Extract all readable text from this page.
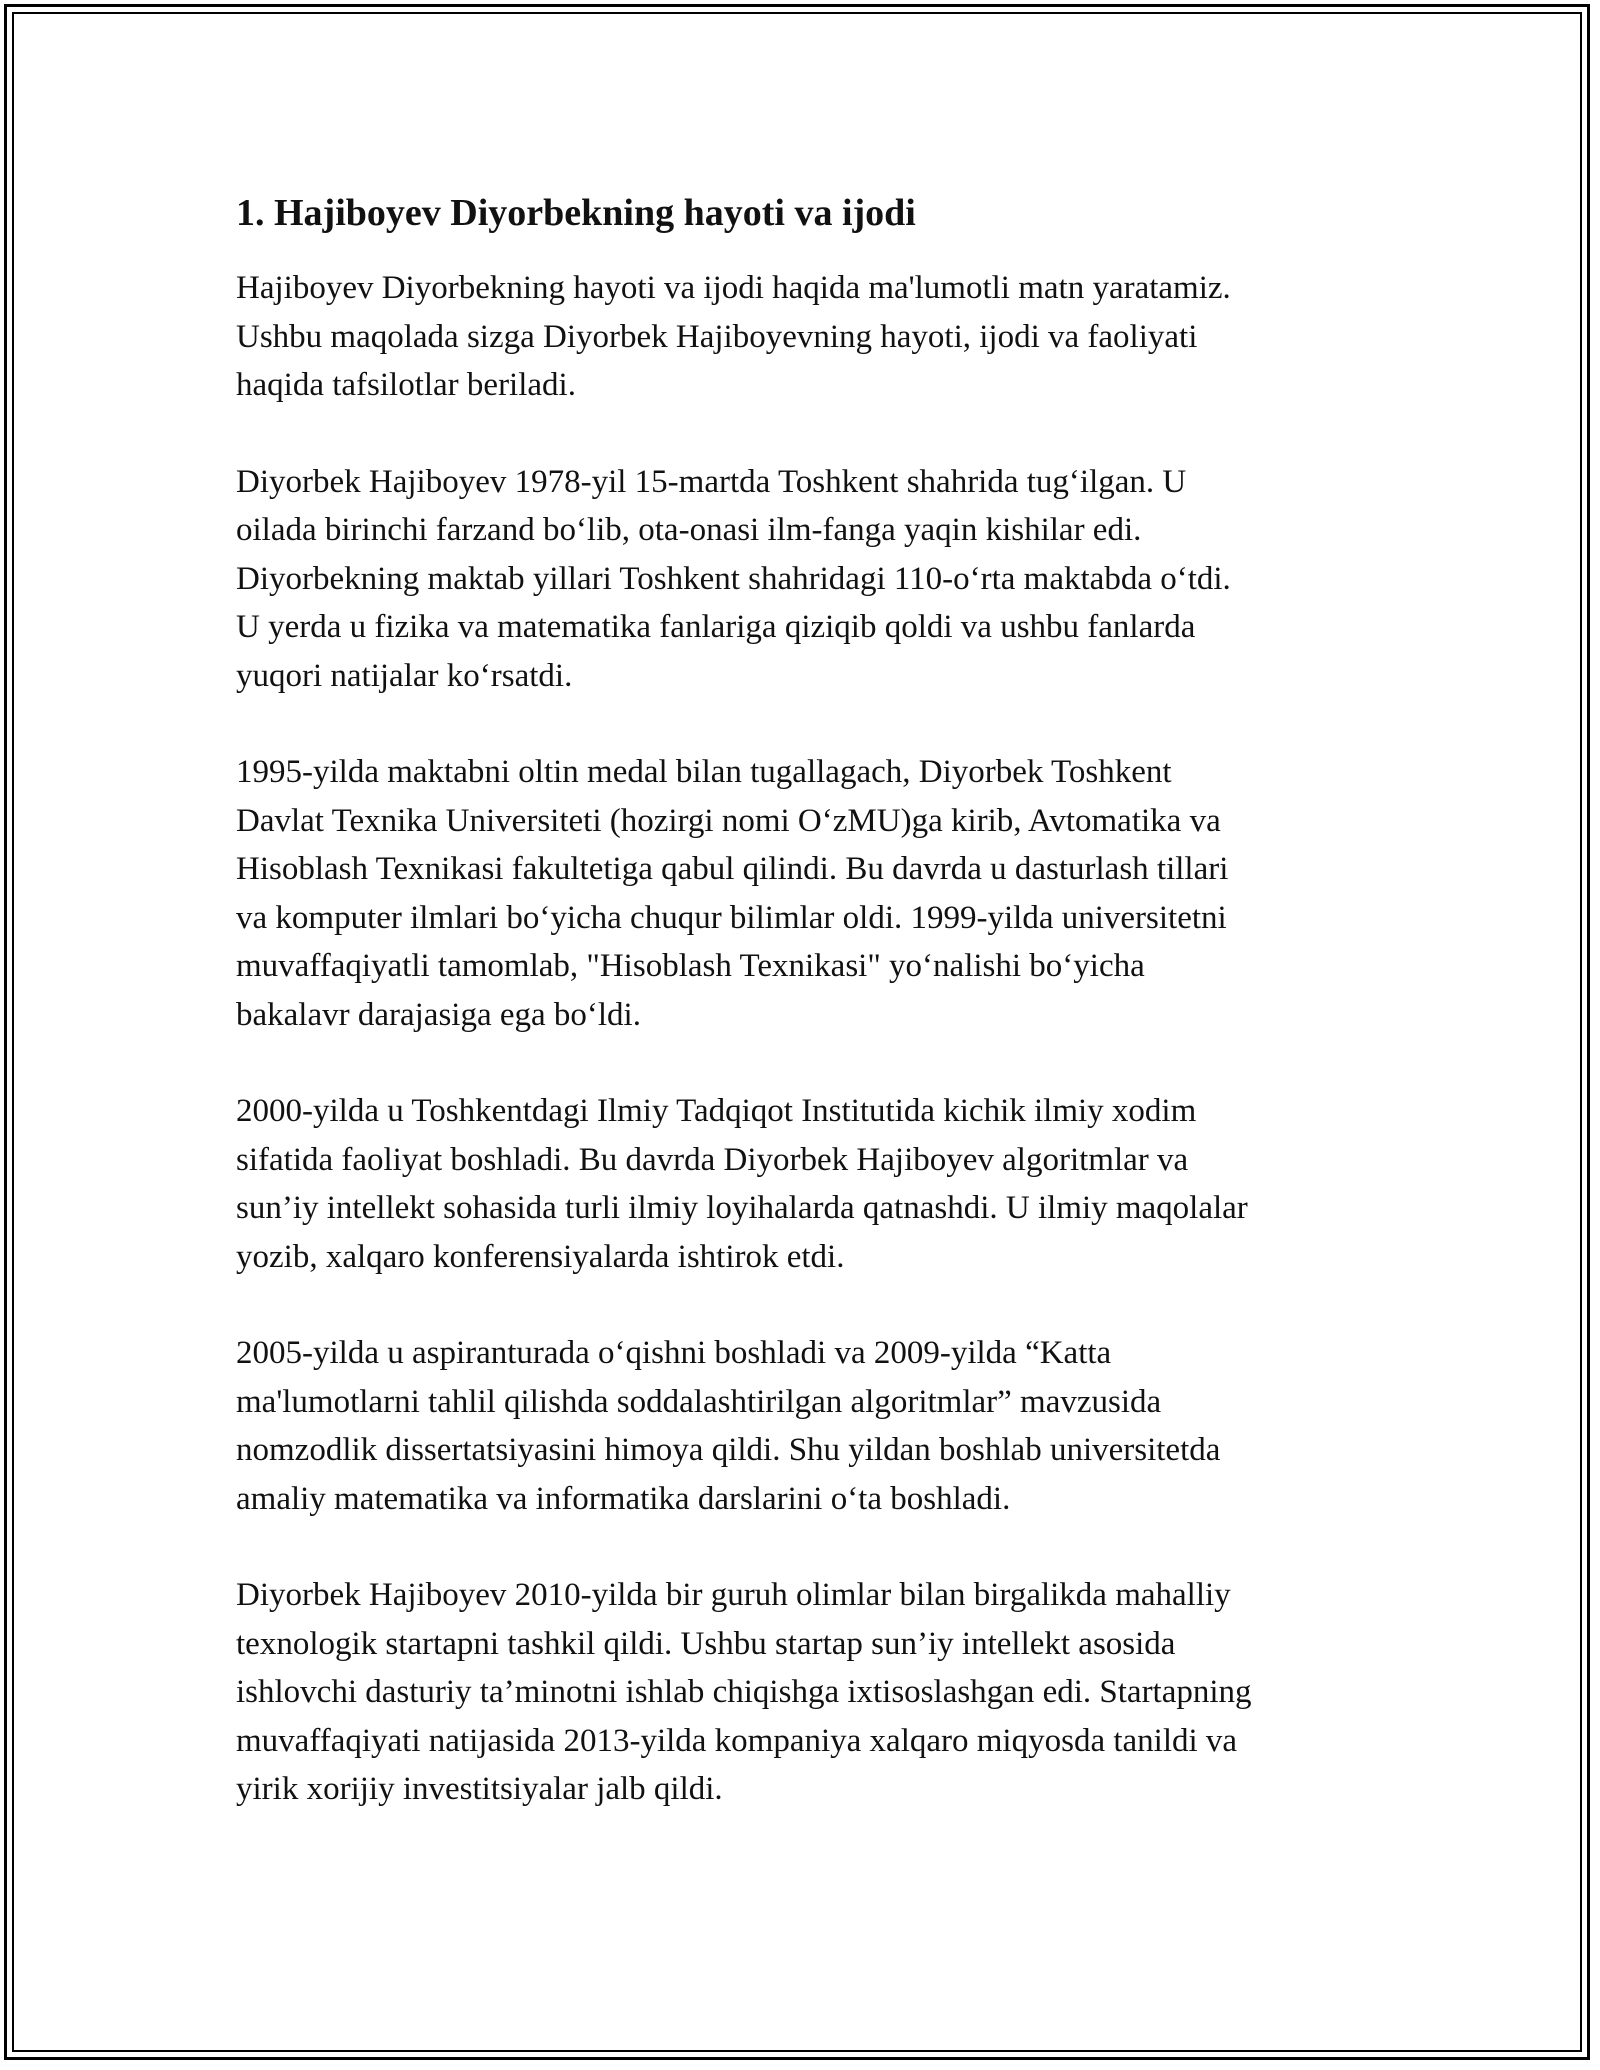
1. Hajiboyev Diyorbekning hayoti va ijodi
Hajiboyev Diyorbekning hayoti va ijodi haqida ma'lumotli matn yaratamiz.
Ushbu maqolada sizga Diyorbek Hajiboyevning hayoti, ijodi va faoliyati
haqida tafsilotlar beriladi.
Diyorbek Hajiboyev 1978-yil 15-martda Toshkent shahrida tug‘ilgan. U
oilada birinchi farzand bo‘lib, ota-onasi ilm-fanga yaqin kishilar edi.
Diyorbekning maktab yillari Toshkent shahridagi 110-o‘rta maktabda o‘tdi.
U yerda u fizika va matematika fanlariga qiziqib qoldi va ushbu fanlarda
yuqori natijalar ko‘rsatdi.
1995-yilda maktabni oltin medal bilan tugallagach, Diyorbek Toshkent
Davlat Texnika Universiteti (hozirgi nomi O‘zMU)ga kirib, Avtomatika va
Hisoblash Texnikasi fakultetiga qabul qilindi. Bu davrda u dasturlash tillari
va komputer ilmlari bo‘yicha chuqur bilimlar oldi. 1999-yilda universitetni
muvaffaqiyatli tamomlab, "Hisoblash Texnikasi" yo‘nalishi bo‘yicha
bakalavr darajasiga ega bo‘ldi.
2000-yilda u Toshkentdagi Ilmiy Tadqiqot Institutida kichik ilmiy xodim
sifatida faoliyat boshladi. Bu davrda Diyorbek Hajiboyev algoritmlar va
sun’iy intellekt sohasida turli ilmiy loyihalarda qatnashdi. U ilmiy maqolalar
yozib, xalqaro konferensiyalarda ishtirok etdi.
2005-yilda u aspiranturada o‘qishni boshladi va 2009-yilda “Katta
ma'lumotlarni tahlil qilishda soddalashtirilgan algoritmlar” mavzusida
nomzodlik dissertatsiyasini himoya qildi. Shu yildan boshlab universitetda
amaliy matematika va informatika darslarini o‘ta boshladi.
Diyorbek Hajiboyev 2010-yilda bir guruh olimlar bilan birgalikda mahalliy
texnologik startapni tashkil qildi. Ushbu startap sun’iy intellekt asosida
ishlovchi dasturiy ta’minotni ishlab chiqishga ixtisoslashgan edi. Startapning
muvaffaqiyati natijasida 2013-yilda kompaniya xalqaro miqyosda tanildi va
yirik xorijiy investitsiyalar jalb qildi.
